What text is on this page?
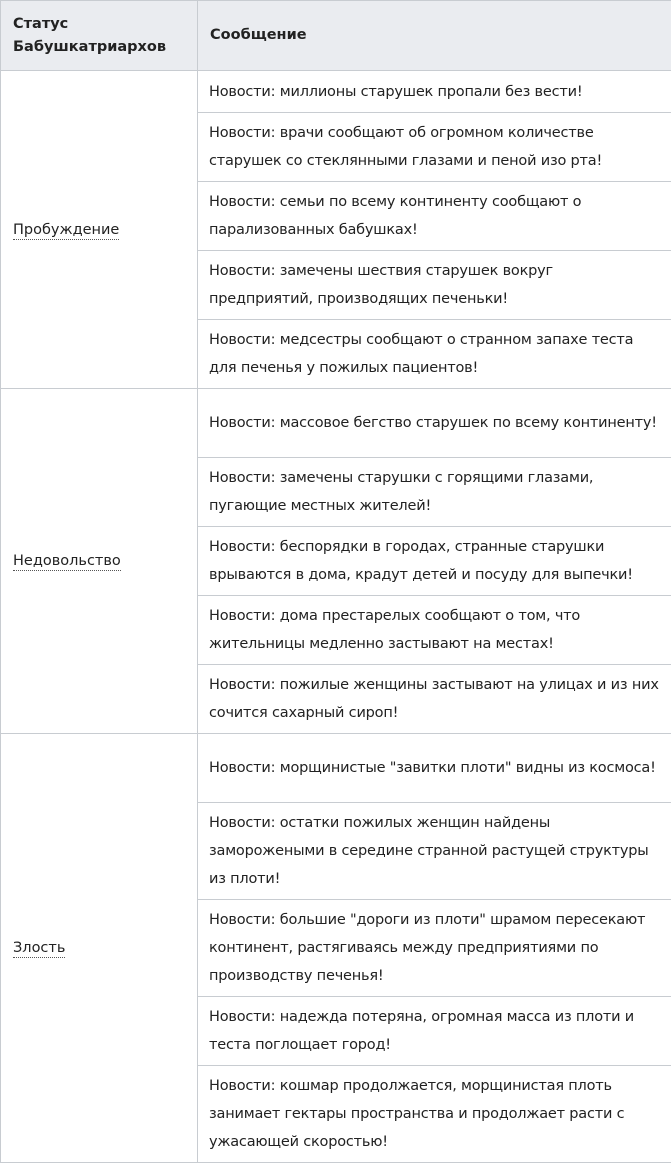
Статус Бабушкатриархов	Сообщение
Пробуждение	Новости: миллионы старушек пропали без вести!
	Новости: врачи сообщают об огромном количестве старушек со стеклянными глазами и пеной изо рта!
	Новости: семьи по всему континенту сообщают о парализованных бабушках!
	Новости: замечены шествия старушек вокруг предприятий, производящих печеньки!
	Новости: медсестры сообщают о странном запахе теста для печенья у пожилых пациентов!
Недовольство	Новости: массовое бегство старушек по всему континенту!
	Новости: замечены старушки с горящими глазами, пугающие местных жителей!
	Новости: беспорядки в городах, странные старушки врываются в дома, крадут детей и посуду для выпечки!
	Новости: дома престарелых сообщают о том, что жительницы медленно застывают на местах!
	Новости: пожилые женщины застывают на улицах и из них сочится сахарный сироп!
Злость	Новости: морщинистые "завитки плоти" видны из космоса!
	Новости: остатки пожилых женщин найдены заморожеными в середине странной растущей структуры из плоти!
	Новости: большие "дороги из плоти" шрамом пересекают континент, растягиваясь между предприятиями по производству печенья!
	Новости: надежда потеряна, огромная масса из плоти и теста поглощает город!
	Новости: кошмар продолжается, морщинистая плоть занимает гектары пространства и продолжает расти с ужасающей скоростью!
